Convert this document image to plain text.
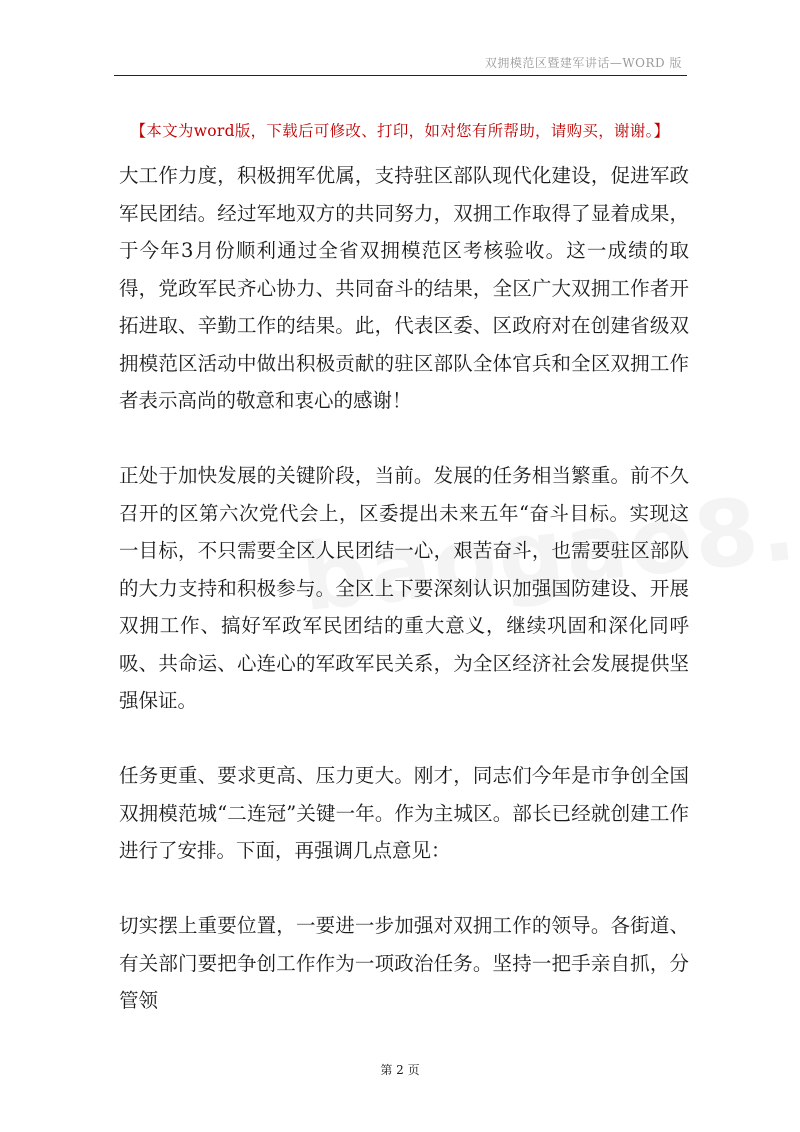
双拥模范区暨建军讲话—WORD 版
【本文为word版，下载后可修改、打印，如对您有所帮助，请购买，谢谢。】

大工作力度，积极拥军优属，支持驻区部队现代化建设，促进军政军民团结。经过军地双方的共同努力，双拥工作取得了显着成果，于今年3月份顺利通过全省双拥模范区考核验收。这一成绩的取得，党政军民齐心协力、共同奋斗的结果，全区广大双拥工作者开拓进取、辛勤工作的结果。此，代表区委、区政府对在创建省级双拥模范区活动中做出积极贡献的驻区部队全体官兵和全区双拥工作者表示高尚的敬意和衷心的感谢！

正处于加快发展的关键阶段，当前。发展的任务相当繁重。前不久召开的区第六次党代会上，区委提出未来五年“奋斗目标。实现这一目标，不只需要全区人民团结一心，艰苦奋斗，也需要驻区部队的大力支持和积极参与。全区上下要深刻认识加强国防建设、开展双拥工作、搞好军政军民团结的重大意义，继续巩固和深化同呼吸、共命运、心连心的军政军民关系，为全区经济社会发展提供坚强保证。

任务更重、要求更高、压力更大。刚才，同志们今年是市争创全国双拥模范城“二连冠”关键一年。作为主城区。部长已经就创建工作进行了安排。下面，再强调几点意见：

切实摆上重要位置，一要进一步加强对双拥工作的领导。各街道、有关部门要把争创工作作为一项政治任务。坚持一把手亲自抓，分管领

第 2 页
